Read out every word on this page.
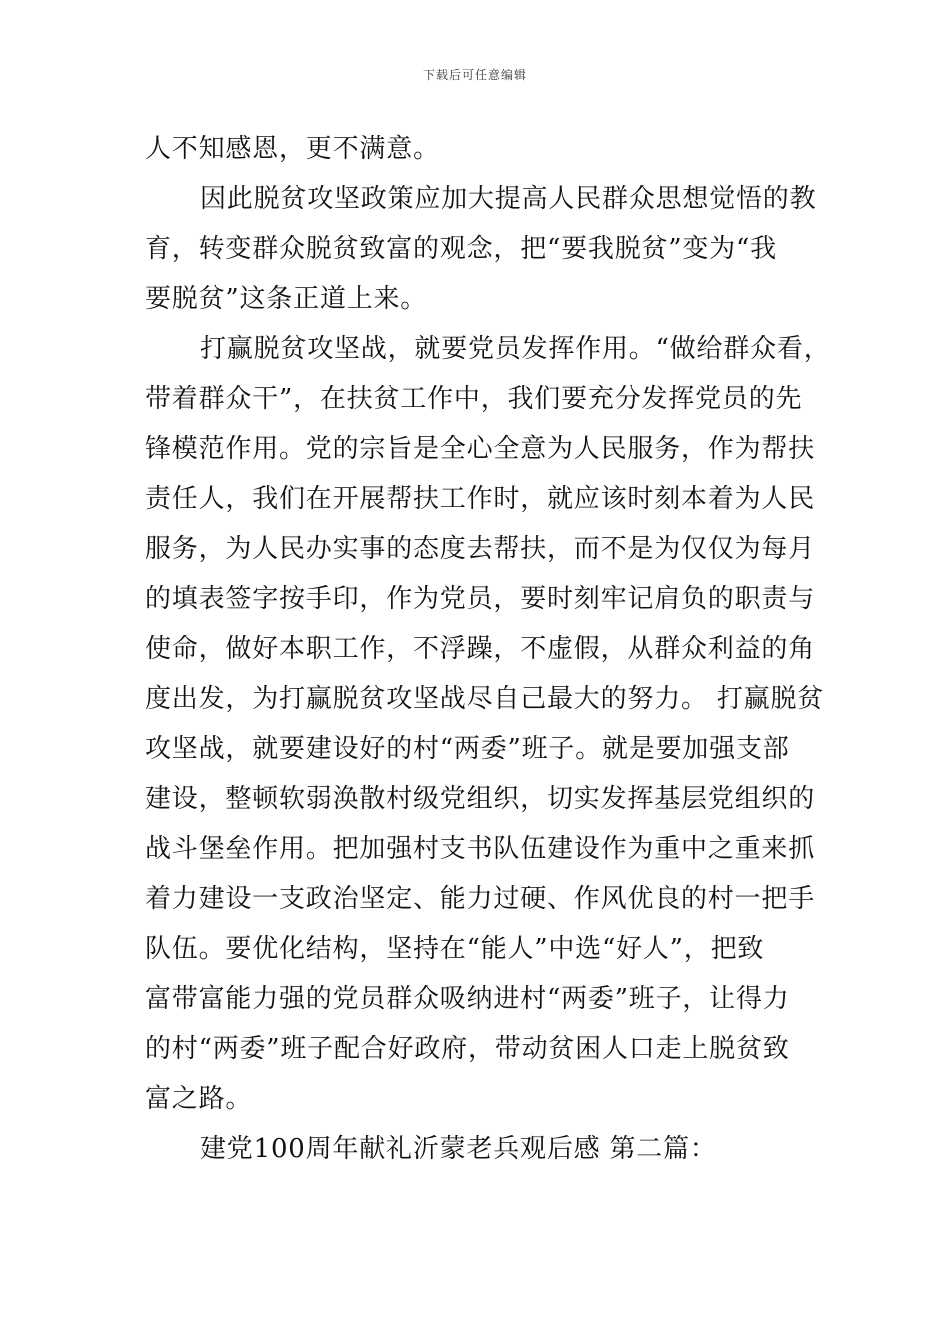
下载后可任意编辑
人不知感恩，更不满意。
因此脱贫攻坚政策应加大提高人民群众思想觉悟的教
育，转变群众脱贫致富的观念，把“要我脱贫”变为“我
要脱贫”这条正道上来。
打赢脱贫攻坚战，就要党员发挥作用。“做给群众看，
带着群众干”，在扶贫工作中，我们要充分发挥党员的先
锋模范作用。党的宗旨是全心全意为人民服务，作为帮扶
责任人，我们在开展帮扶工作时，就应该时刻本着为人民
服务，为人民办实事的态度去帮扶，而不是为仅仅为每月
的填表签字按手印，作为党员，要时刻牢记肩负的职责与
使命，做好本职工作，不浮躁，不虚假，从群众利益的角
度出发，为打赢脱贫攻坚战尽自己最大的努力。 打赢脱贫
攻坚战，就要建设好的村“两委”班子。就是要加强支部
建设，整顿软弱涣散村级党组织，切实发挥基层党组织的
战斗堡垒作用。把加强村支书队伍建设作为重中之重来抓
着力建设一支政治坚定、能力过硬、作风优良的村一把手
队伍。要优化结构，坚持在“能人”中选“好人”，把致
富带富能力强的党员群众吸纳进村“两委”班子，让得力
的村“两委”班子配合好政府，带动贫困人口走上脱贫致
富之路。
建党100周年献礼沂蒙老兵观后感 第二篇：
